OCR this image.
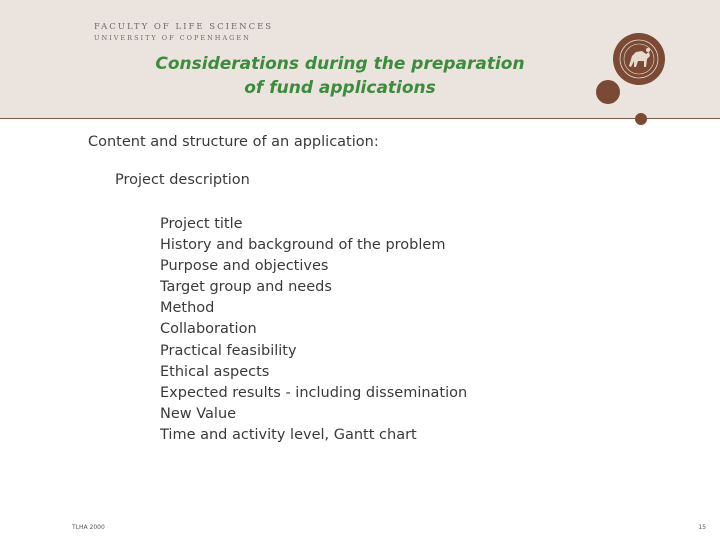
FACULTY OF LIFE SCIENCES
UNIVERSITY OF COPENHAGEN
Considerations during the preparation
of fund applications
Content and structure of an application:
Project description
Project title
History and background of the problem
Purpose and objectives
Target group and needs
Method
Collaboration
Practical feasibility
Ethical aspects
Expected results - including dissemination
New Value
Time and activity level, Gantt chart
TLHA 2000	15
